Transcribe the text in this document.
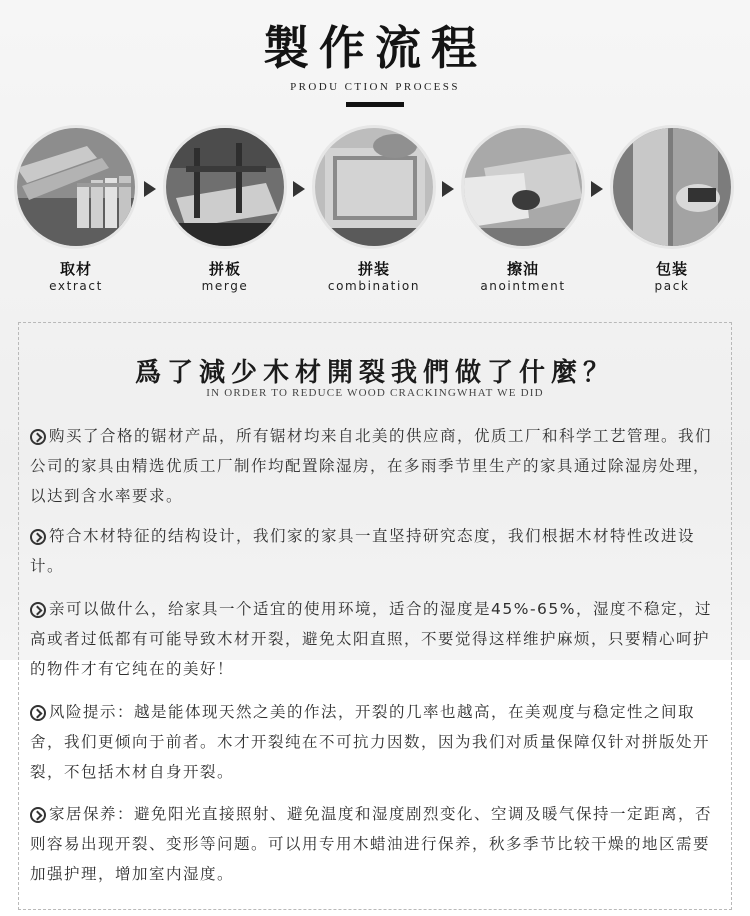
製作流程
PRODU CTION PROCESS
取材
extract
拼板
merge
拼装
combination
擦油
anointment
包装
pack
爲了減少木材開裂我們做了什麼？
IN ORDER TO REDUCE WOOD CRACKINGWHAT WE DID
购买了合格的锯材产品，所有锯材均来自北美的供应商，优质工厂和科学工艺管理。我们公司的家具由精选优质工厂制作均配置除湿房，在多雨季节里生产的家具通过除湿房处理，以达到含水率要求。
符合木材特征的结构设计，我们家的家具一直坚持研究态度，我们根据木材特性改进设计。
亲可以做什么，给家具一个适宜的使用环境，适合的湿度是45%-65%，湿度不稳定，过高或者过低都有可能导致木材开裂，避免太阳直照，不要觉得这样维护麻烦，只要精心呵护的物件才有它纯在的美好！
风险提示：越是能体现天然之美的作法，开裂的几率也越高，在美观度与稳定性之间取舍，我们更倾向于前者。木才开裂纯在不可抗力因数，因为我们对质量保障仅针对拼版处开裂，不包括木材自身开裂。
家居保养：避免阳光直接照射、避免温度和湿度剧烈变化、空调及暖气保持一定距离，否则容易出现开裂、变形等问题。可以用专用木蜡油进行保养，秋多季节比较干燥的地区需要加强护理，增加室内湿度。
